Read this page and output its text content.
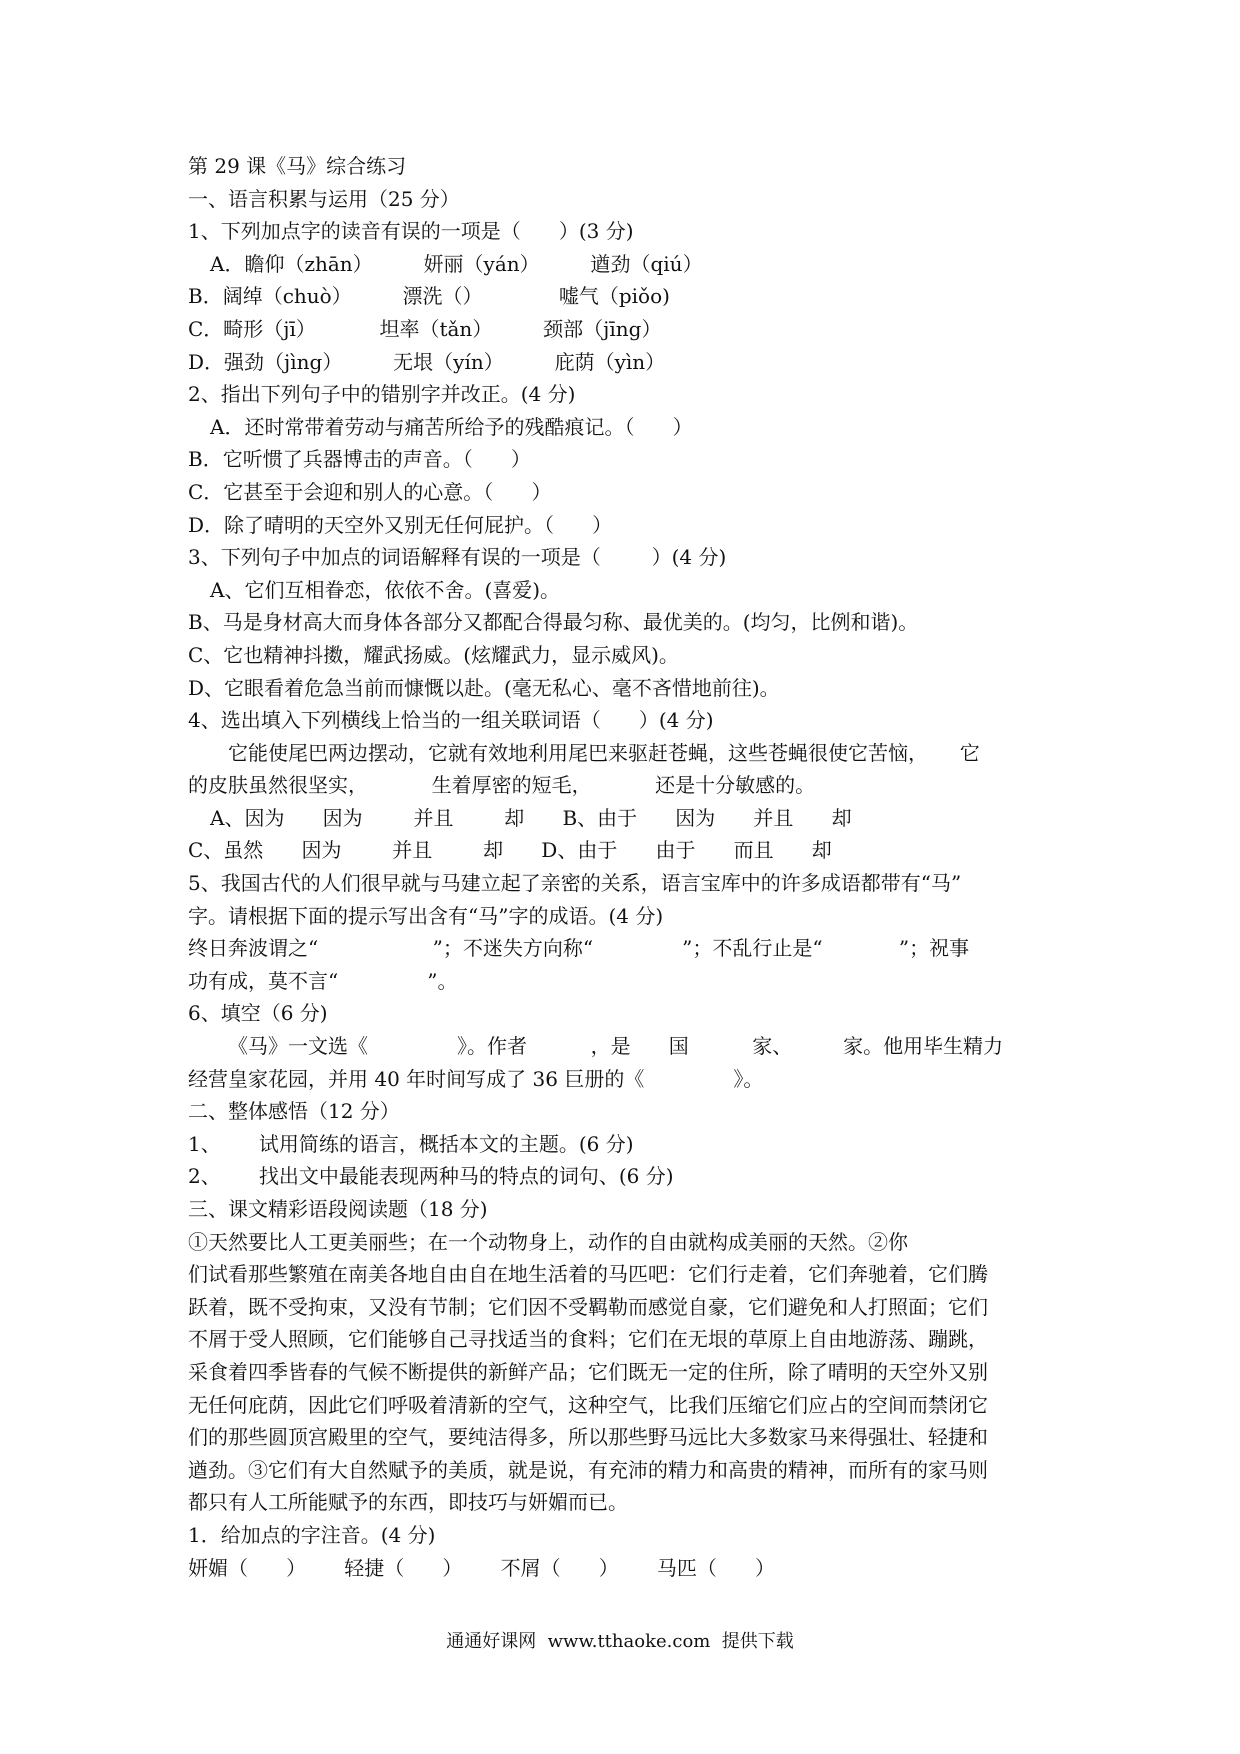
第 29 课《马》综合练习

一、语言积累与运用（25 分）

1、下列加点字的读音有误的一项是（      ）(3 分)

A．瞻仰（zhān）        妍丽（yán）        遒劲（qiú）

B．阔绰（chuò）        漂洗（）            嘘气（piǒo)

C．畸形（jī）          坦率（tǎn）        颈部（jīng）

D．强劲（jìng）        无垠（yín）        庇荫（yìn）

2、指出下列句子中的错别字并改正。(4 分)

A．还时常带着劳动与痛苦所给予的残酷痕记。（      ）

B．它听惯了兵器博击的声音。（      ）

C．它甚至于会迎和别人的心意。（      ）

D．除了晴明的天空外又别无任何屁护。（      ）

3、下列句子中加点的词语解释有误的一项是（        ）(4 分)

A、它们互相眷恋，依依不舍。(喜爱)。

B、马是身材高大而身体各部分又都配合得最匀称、最优美的。(均匀，比例和谐)。

C、它也精神抖擞，耀武扬威。(炫耀武力，显示威风)。

D、它眼看着危急当前而慷慨以赴。(毫无私心、毫不吝惜地前往)。

4、选出填入下列横线上恰当的一组关联词语（      ）(4 分)

它能使尾巴两边摆动，它就有效地利用尾巴来驱赶苍蝇，这些苍蝇很使它苦恼，     它

的皮肤虽然很坚实，          生着厚密的短毛，          还是十分敏感的。

A、因为      因为        并且        却      B、由于      因为      并且      却

C、虽然      因为        并且        却      D、由于      由于      而且      却

5、我国古代的人们很早就与马建立起了亲密的关系，语言宝库中的许多成语都带有“马”

字。请根据下面的提示写出含有“马”字的成语。(4 分)

终日奔波谓之“                  ”；不迷失方向称“              ”；不乱行止是“            ”；祝事

功有成，莫不言“              ”。

6、填空（6 分)

《马》一文选《              》。作者          ，是      国          家、        家。他用毕生精力

经营皇家花园，并用 40 年时间写成了 36 巨册的《              》。

二、整体感悟（12 分）

1、      试用简练的语言，概括本文的主题。(6 分)

2、      找出文中最能表现两种马的特点的词句、(6 分)

三、课文精彩语段阅读题（18 分)

①天然要比人工更美丽些；在一个动物身上，动作的自由就构成美丽的天然。②你

们试看那些繁殖在南美各地自由自在地生活着的马匹吧：它们行走着，它们奔驰着，它们腾

跃着，既不受拘束，又没有节制；它们因不受羁勒而感觉自豪，它们避免和人打照面；它们

不屑于受人照顾，它们能够自己寻找适当的食料；它们在无垠的草原上自由地游荡、蹦跳，

采食着四季皆春的气候不断提供的新鲜产品；它们既无一定的住所，除了晴明的天空外又别

无任何庇荫，因此它们呼吸着清新的空气，这种空气，比我们压缩它们应占的空间而禁闭它

们的那些圆顶宫殿里的空气，要纯洁得多，所以那些野马远比大多数家马来得强壮、轻捷和

遒劲。③它们有大自然赋予的美质，就是说，有充沛的精力和高贵的精神，而所有的家马则

都只有人工所能赋予的东西，即技巧与妍媚而已。

1．给加点的字注音。(4 分)

妍媚（      ）      轻捷（      ）      不屑（      ）      马匹（      ）

通通好课网  www.tthaoke.com  提供下载
